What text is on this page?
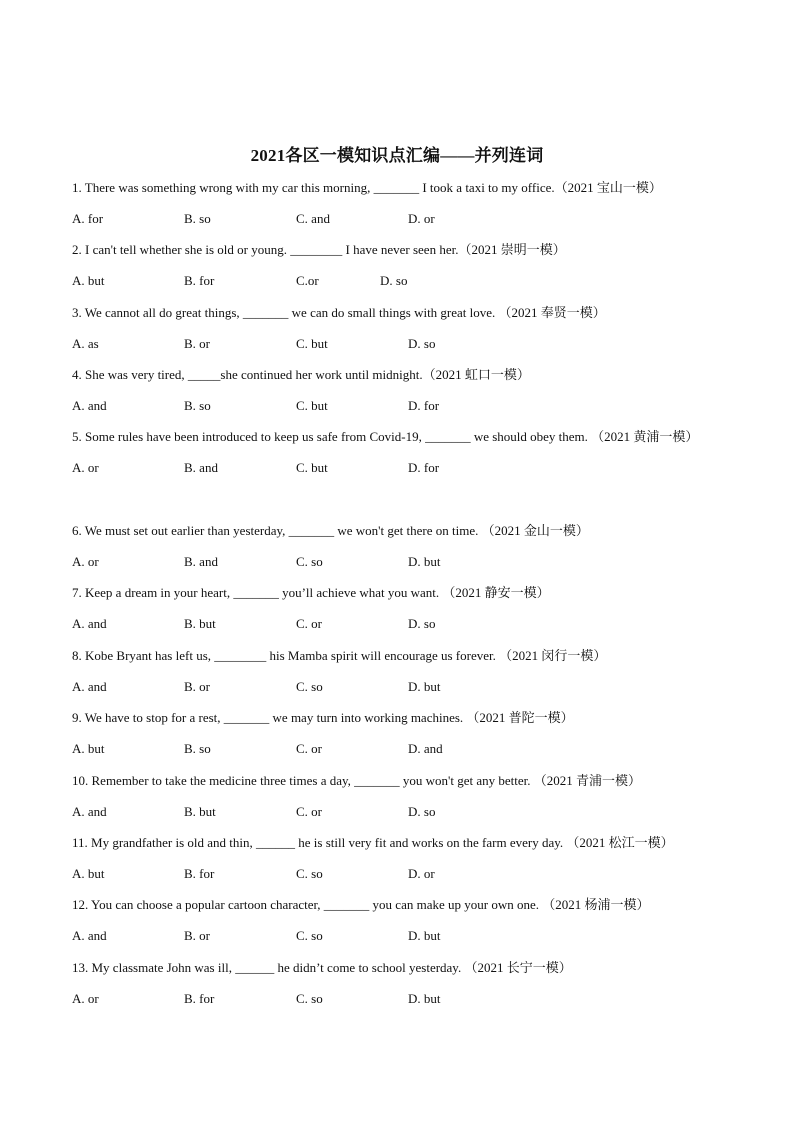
2021各区一模知识点汇编——并列连词
1. There was something wrong with my car this morning, _______ I took a taxi to my office.（2021 宝山一模）
A. for	B. so	C. and	D. or
2. I can't tell whether she is old or young. ________ I have never seen her.（2021 崇明一模）
A. but	B. for	C.or	D. so
3. We cannot all do great things, _______ we can do small things with great love. （2021 奉贤一模）
A. as	B. or	C. but	D. so
4. She was very tired, _____she continued her work until midnight.（2021 虹口一模）
A. and	B. so	C. but	D. for
5. Some rules have been introduced to keep us safe from Covid-19, _______ we should obey them. （2021 黄浦一模）
A. or	B. and	C. but	D. for
6. We must set out earlier than yesterday, _______ we won't get there on time. （2021 金山一模）
A. or	B. and	C. so	D. but
7. Keep a dream in your heart, _______ you’ll achieve what you want. （2021 静安一模）
A. and	B. but	C. or	D. so
8. Kobe Bryant has left us, ________ his Mamba spirit will encourage us forever. （2021 闵行一模）
A. and	B. or	C. so	D. but
9. We have to stop for a rest, _______ we may turn into working machines. （2021 普陀一模）
A. but	B. so	C. or	D. and
10. Remember to take the medicine three times a day, _______ you won't get any better. （2021 青浦一模）
A. and	B. but	C. or	D. so
11. My grandfather is old and thin, ______ he is still very fit and works on the farm every day. （2021 松江一模）
A. but	B. for	C. so	D. or
12. You can choose a popular cartoon character, _______ you can make up your own one. （2021 杨浦一模）
A. and	B. or	C. so	D. but
13. My classmate John was ill, ______ he didn’t come to school yesterday. （2021 长宁一模）
A. or	B. for	C. so	D. but
